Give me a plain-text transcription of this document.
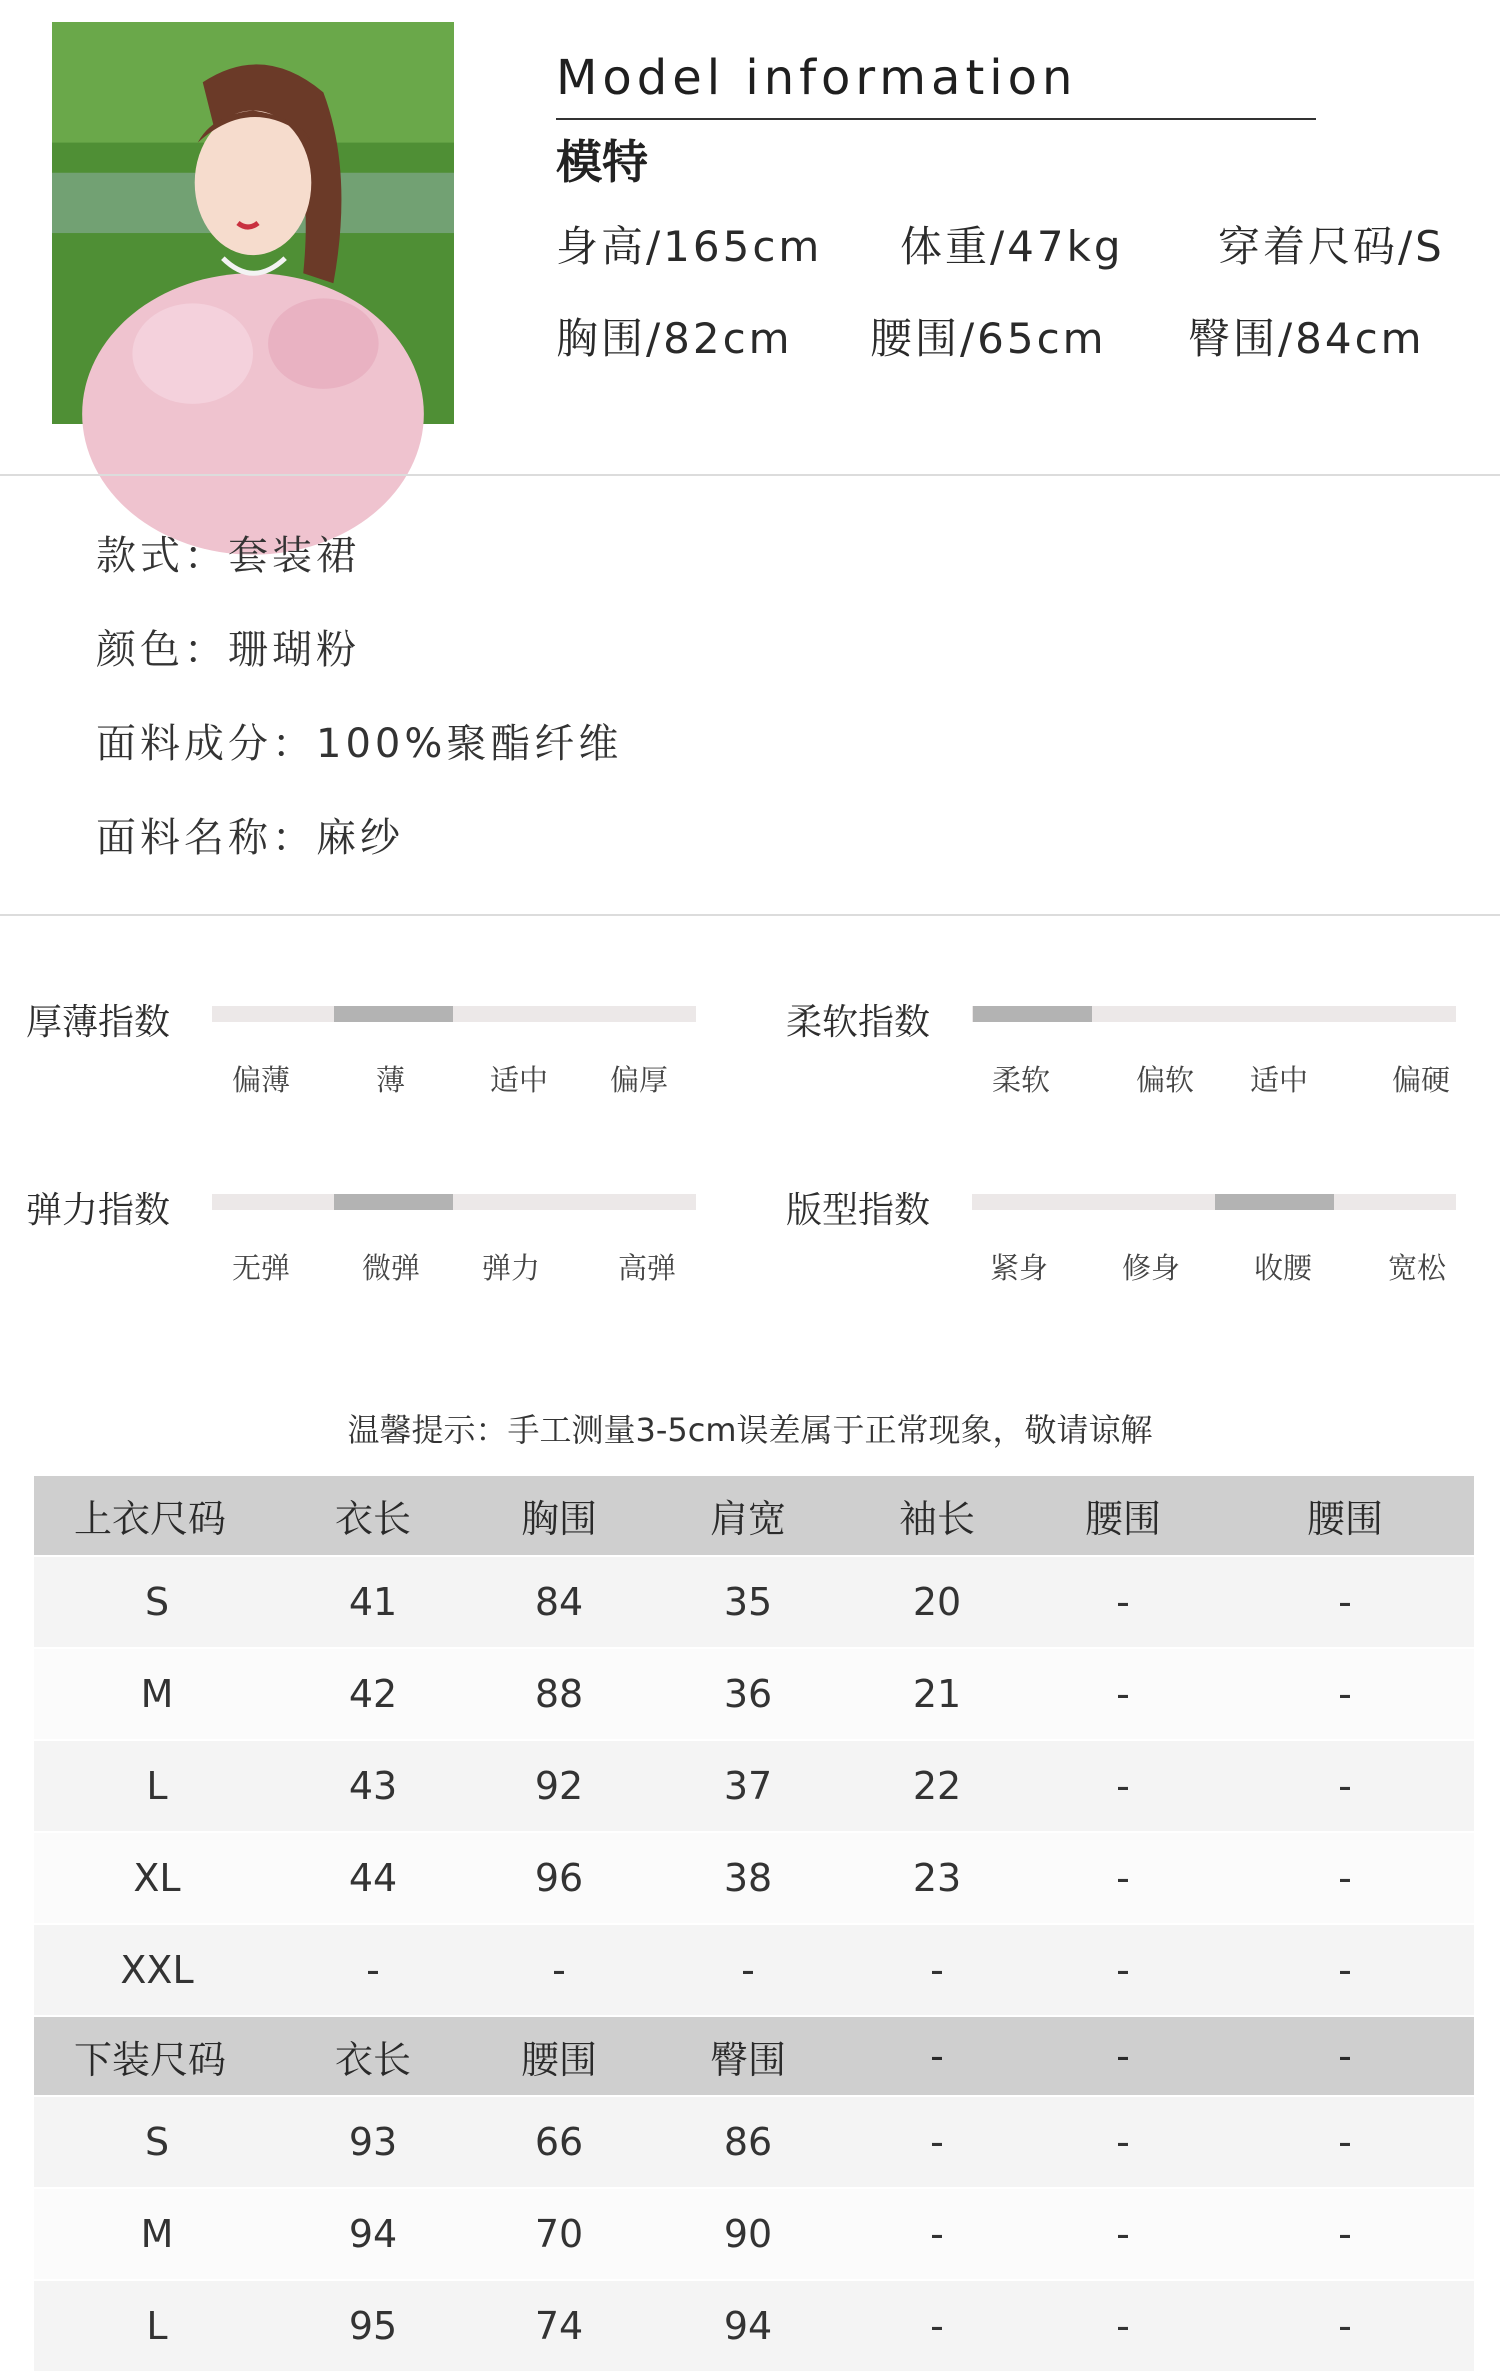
Model information
模特
身高/165cm 体重/47kg 穿着尺码/S
胸围/82cm 腰围/65cm 臀围/84cm
款式：套装裙
颜色：珊瑚粉
面料成分：100%聚酯纤维
面料名称：麻纱
厚薄指数
偏薄	薄	适中 偏厚
柔软指数
柔软	偏软 适中	偏硬
弹力指数
无弹 微弹 弹力	高弹
版型指数
紧身	修身	收腰	宽松
温馨提示：手工测量3-5cm误差属于正常现象，敬请谅解
上衣尺码	衣长	胸围	肩宽	袖长	腰围	腰围
S	41	84	35	20	-	-
M	42	88	36	21	-	-
L	43	92	37	22	-	-
XL	44	96	38	23	-	-
XXL	-	-	-	-	-	-
下装尺码	衣长	腰围	臀围	-	-	-
S	93	66	86	-	-	-
M	94	70	90	-	-	-
L	95	74	94	-	-	-
